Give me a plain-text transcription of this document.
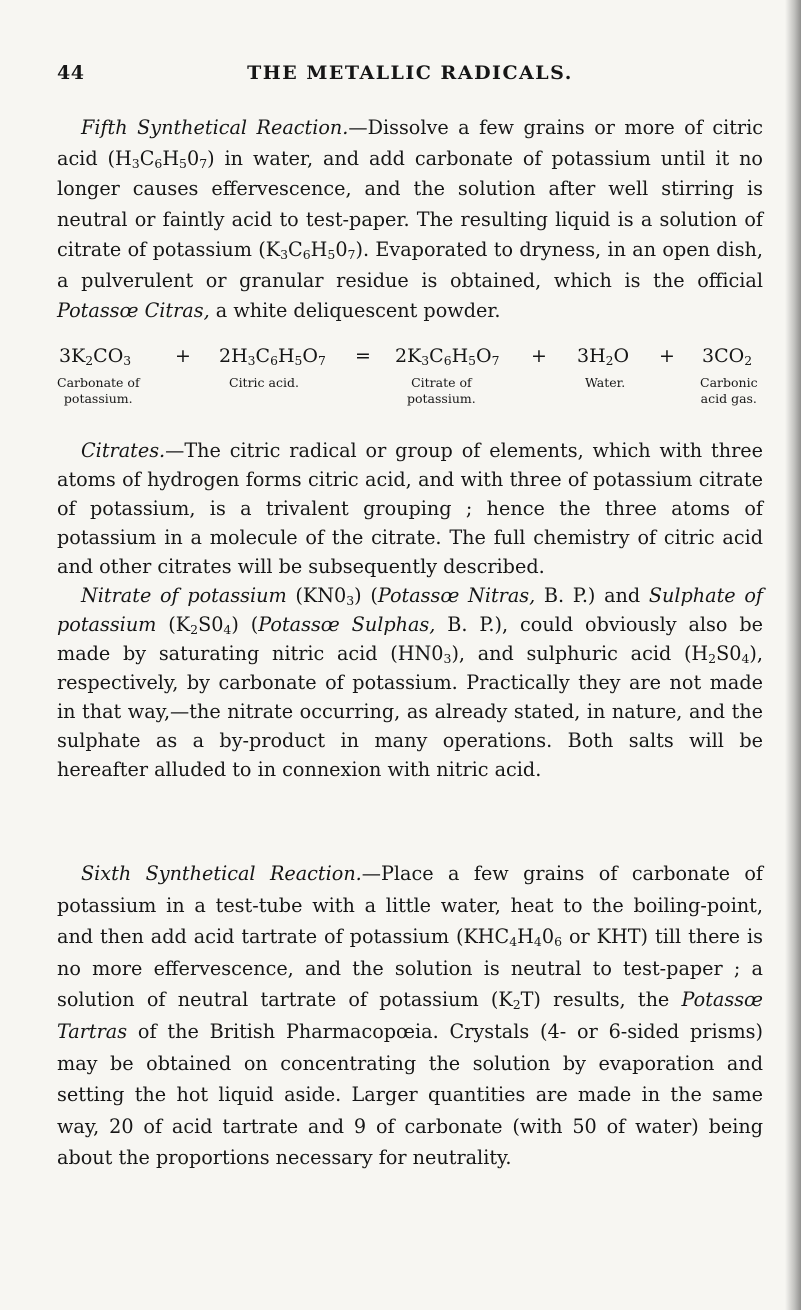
THE METALLIC RADICALS.
44

Fifth Synthetical Reaction.—Dissolve a few grains or more of citric acid $(H_3C_6H_50_7)$ in water, and add carbonate of potassium until it no longer causes effervescence, and the solution after well stirring is neutral or faintly acid to test-paper. The resulting liquid is a solution of citrate of potassium $(K_3C_6H_50_7)$. Evaporated to dryness, in an open dish, a pulverulent or granular residue is obtained, which is the official Potassœ Citras, a white deliquescent powder.

$3K_2CO_3 + 2H_3C_6H_5O_7 = 2K_3C_6H_5O_7 + 3H_2O + 3CO_2$
Carbonate of
potassium.
Citric acid.	Citrate of
potassium.
Water.	Carbonic
acid gas.

Citrates.—The citric radical or group of elements, which with three atoms of hydrogen forms citric acid, and with three of potassium citrate of potassium, is a trivalent grouping ; hence the three atoms of potassium in a molecule of the citrate. The full chemistry of citric acid and other citrates will be subsequently described.

Nitrate of potassium $(KN0_3)$ (Potassœ Nitras, B. P.) and Sulphate of potassium $(K_2S0_4)$ (Potassœ Sulphas, B. P.), could obviously also be made by saturating nitric acid $(HN0_3)$, and sulphuric acid $(H_2S0_4)$, respectively, by carbonate of potassium. Practically they are not made in that way,—the nitrate occurring, as already stated, in nature, and the sulphate as a by-product in many operations. Both salts will be hereafter alluded to in connexion with nitric acid.

Sixth Synthetical Reaction.—Place a few grains of carbonate of potassium in a test-tube with a little water, heat to the boiling-point, and then add acid tartrate of potassium ($KHC_4H_40_6$ or KHT) till there is no more effervescence, and the solution is neutral to test-paper ; a solution of neutral tartrate of potassium $(K_2T)$ results, the Potassœ Tartras of the British Pharmacopœia. Crystals (4- or 6-sided prisms) may be obtained on concentrating the solution by evaporation and setting the hot liquid aside. Larger quantities are made in the same way, 20 of acid tartrate and 9 of carbonate (with 50 of water) being about the proportions necessary for neutrality.
